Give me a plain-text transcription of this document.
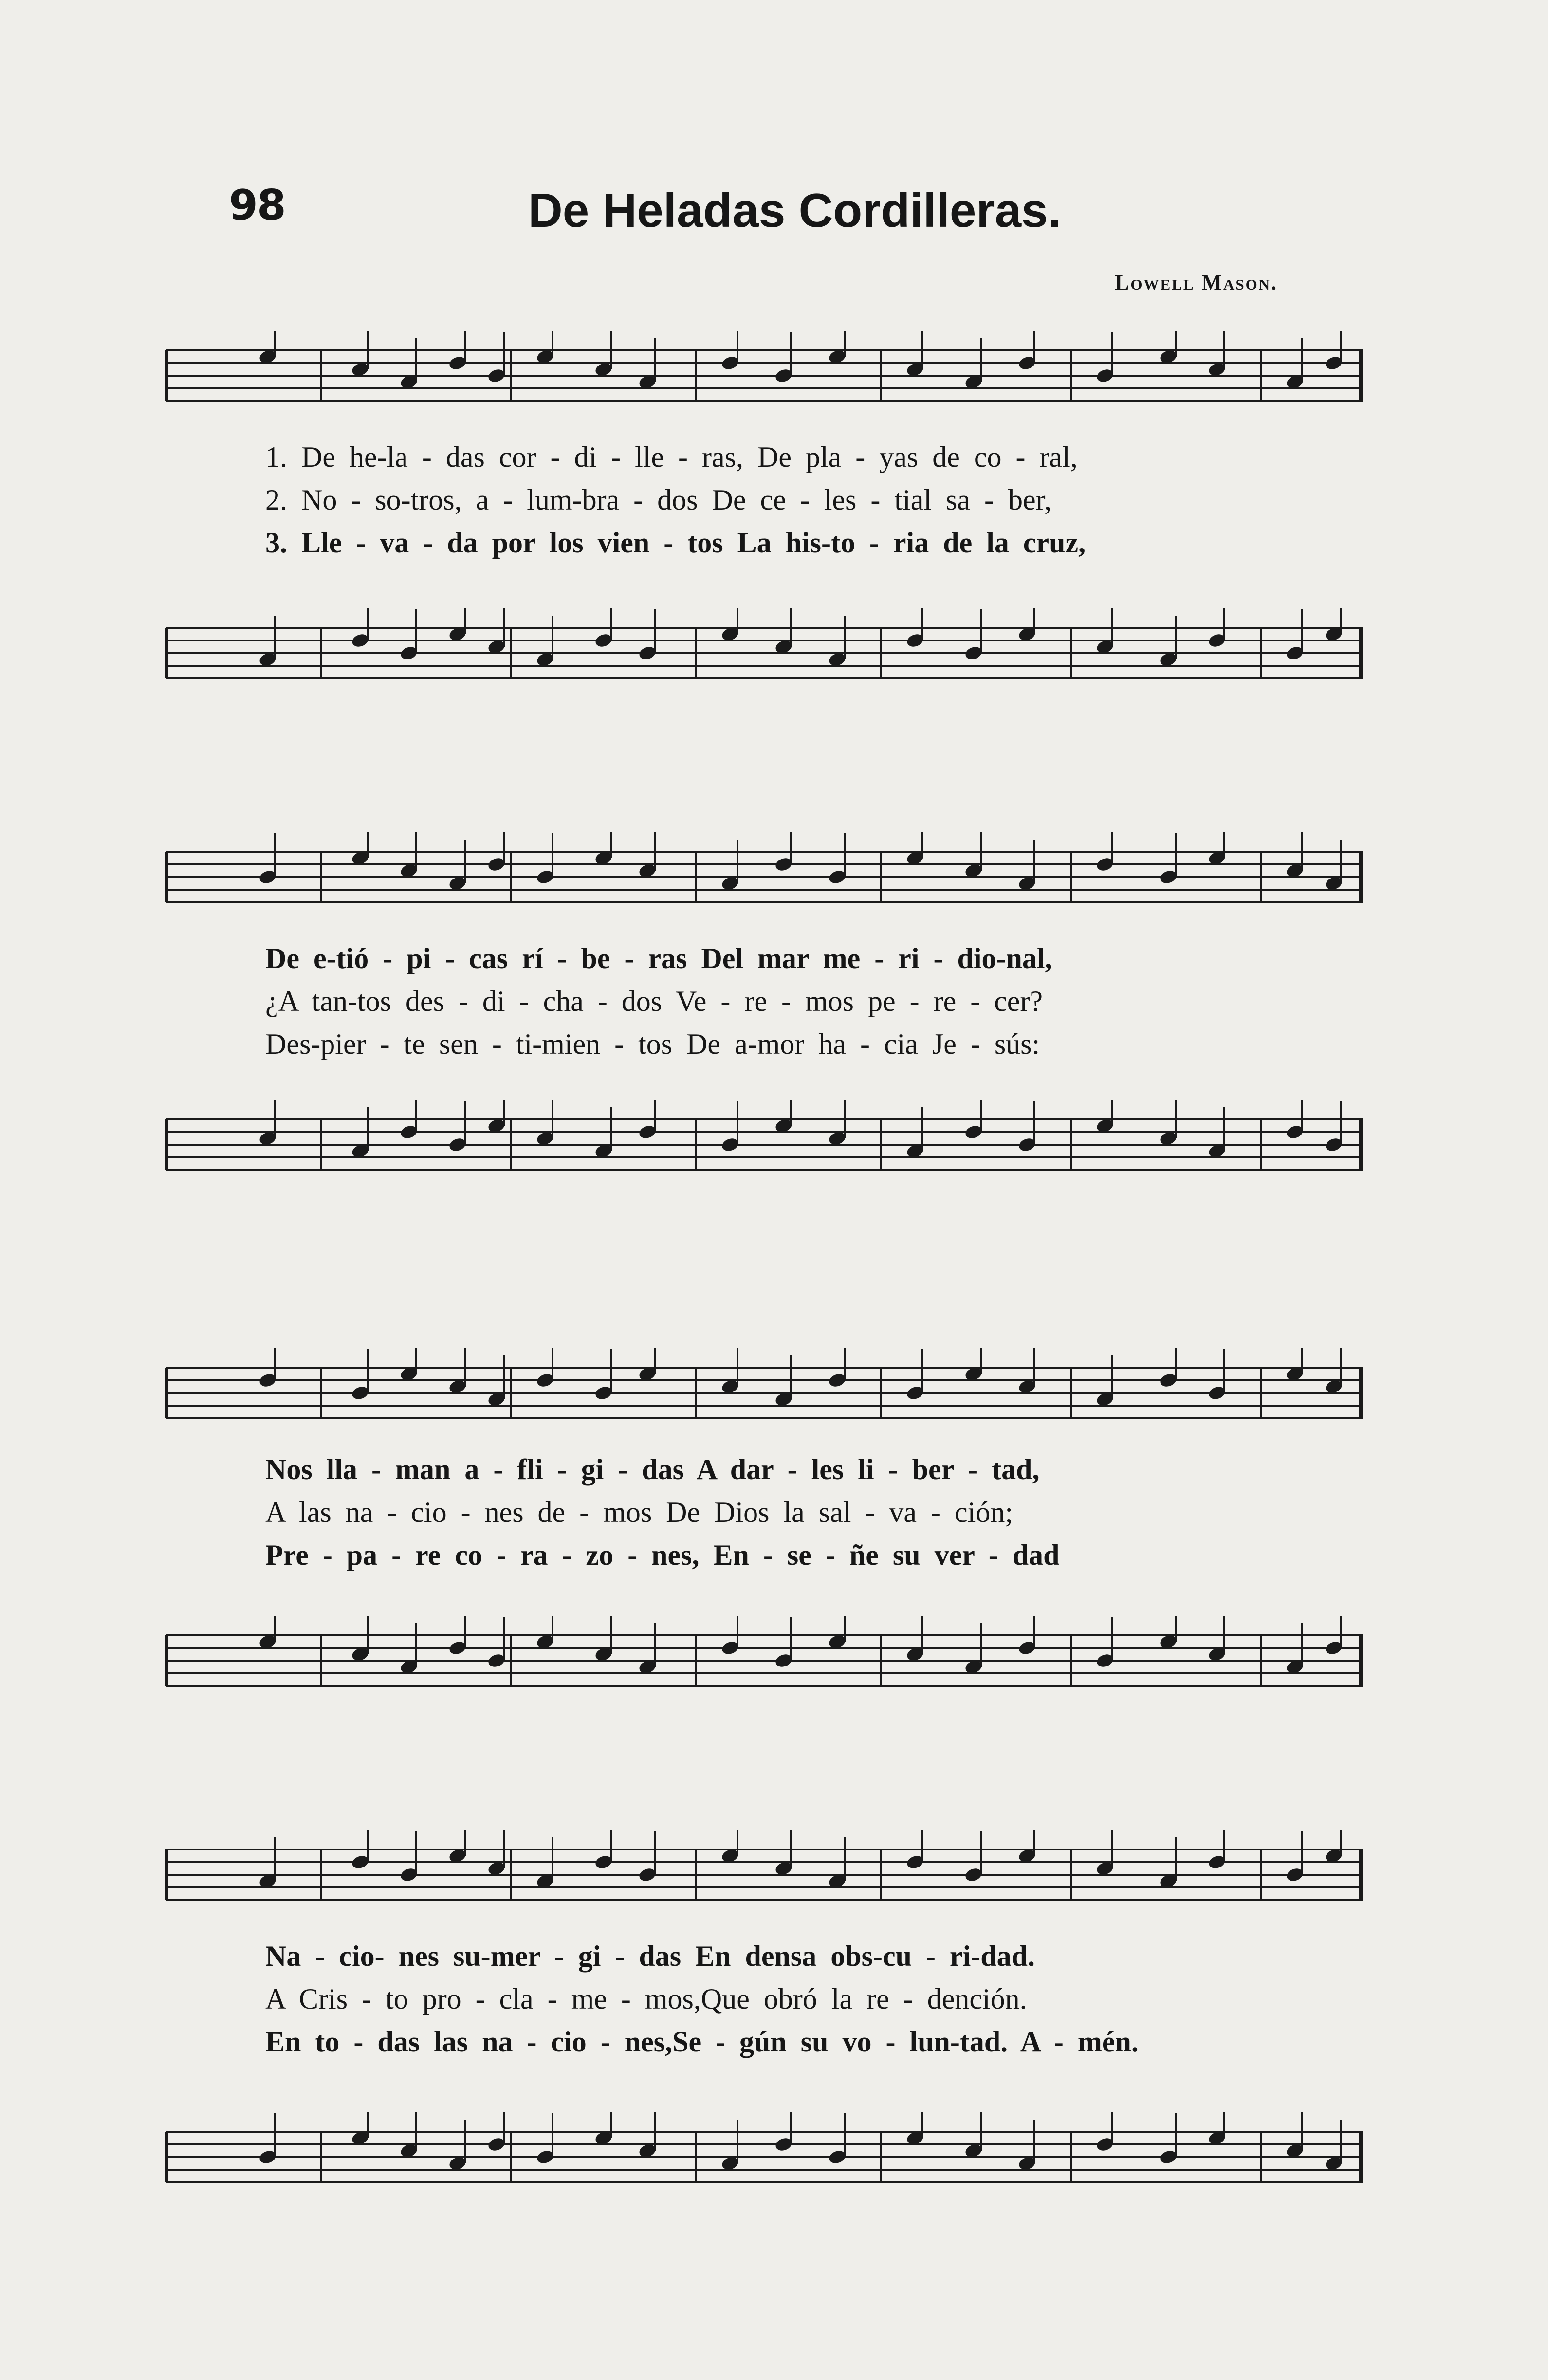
98	De Heladas Cordilleras.
Lowell Mason.
1. De he-la - das cor - di - lle - ras, De pla - yas de co - ral,
2. No - so-tros, a - lum-bra - dos De ce - les - tial sa - ber,
3. Lle - va - da por los vien - tos La his-to - ria de la cruz,
De e-tió - pi - cas rí - be - ras Del mar me - ri - dio-nal,
¿A tan-tos des - di - cha - dos Ve - re - mos pe - re - cer?
Des-pier - te sen - ti-mien - tos De a-mor ha - cia Je - sús:
Nos lla - man a - fli - gi - das A dar - les li - ber - tad,
A las na - cio - nes de - mos De Dios la sal - va - ción;
Pre - pa - re co - ra - zo - nes, En - se - ñe su ver - dad
Na - cio- nes su-mer - gi - das En densa obs-cu - ri-dad.
A Cris - to pro - cla - me - mos,Que obró la re - dención.
En to - das las na - cio - nes,Se - gún su vo - lun-tad. A - mén.
